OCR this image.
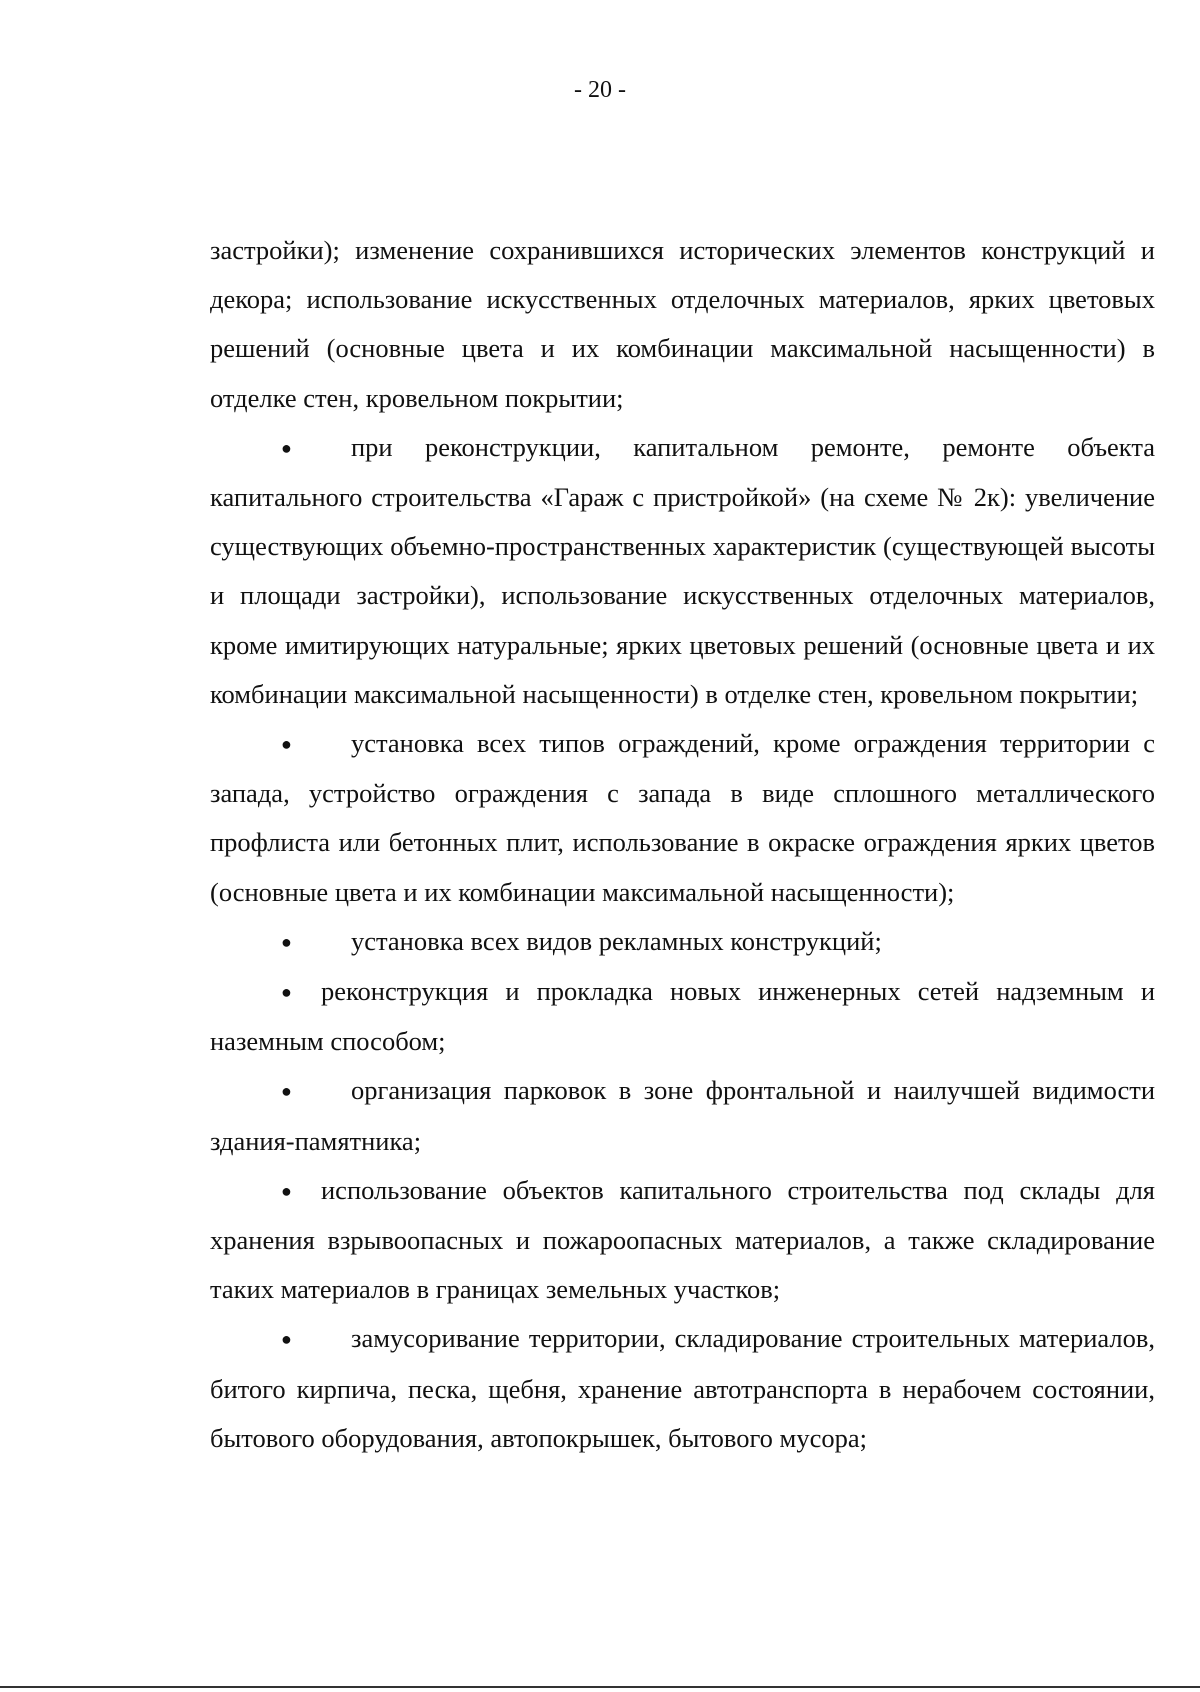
- 20 -

застройки); изменение сохранившихся исторических элементов конструкций и декора; использование искусственных отделочных материалов, ярких цветовых решений (основные цвета и их комбинации максимальной насыщенности) в отделке стен, кровельном покрытии;

● при реконструкции, капитальном ремонте, ремонте объекта капитального строительства «Гараж с пристройкой» (на схеме № 2к): увеличение существующих объемно-пространственных характеристик (существующей высоты и площади застройки), использование искусственных отделочных материалов, кроме имитирующих натуральные; ярких цветовых решений (основные цвета и их комбинации максимальной насыщенности) в отделке стен, кровельном покрытии;

● установка всех типов ограждений, кроме ограждения территории с запада, устройство ограждения с запада в виде сплошного металлического профлиста или бетонных плит, использование в окраске ограждения ярких цветов (основные цвета и их комбинации максимальной насыщенности);

● установка всех видов рекламных конструкций;

● реконструкция и прокладка новых инженерных сетей надземным и наземным способом;

● организация парковок в зоне фронтальной и наилучшей видимости здания-памятника;

● использование объектов капитального строительства под склады для хранения взрывоопасных и пожароопасных материалов, а также складирование таких материалов в границах земельных участков;

● замусоривание территории, складирование строительных материалов, битого кирпича, песка, щебня, хранение автотранспорта в нерабочем состоянии, бытового оборудования, автопокрышек, бытового мусора;
